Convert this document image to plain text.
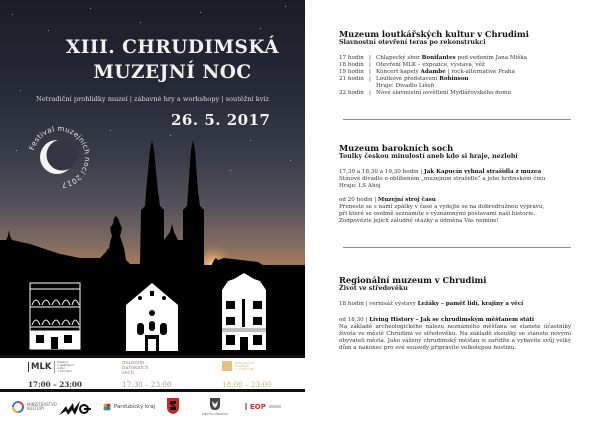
XIII. CHRUDIMSKÁ
MUZEJNÍ NOC
Netradiční prohlídky muzeí | zábavné hry a workshopy | soutěžní kvíz
26. 5. 2017
Festival muzejních nocí 2017
MLK	Muzeum
loutkářských
kultur
v Chrudimi
17:00 – 23:00
muzeum
barokních
soch
17:30 – 23:00
REGIONÁLNÍ
MUZEUM
V CHRUDIMI
18:00 – 23:00
MINISTERSTVO
KULTURY	Pardubický kraj
MĚSTO CHRUDIM
EOP
Muzeum loutkářských kultur v Chrudimi
Slavnostní otevření teras po rekonstrukci
17 hodin | Chlapecký sbor Bonifantes pod vedením Jana Miška
18 hodin | Otevření MLK – expozice, výstava, věž
19 hodin | Koncert kapely Adambe | rock-alternative Praha
21 hodin | Loutkové představení Robinson
Hraje: Divadlo Líšeň
22 hodin | Nové slavnostní osvětlení Mydlářovského domu
Muzeum barokních soch
Toulky českou minulostí aneb kdo si hraje, nezlobí
17,30 a 18,30 a 19,30 hodin | Jak Kapucín vyhnal strašidla z muzea
Stínové divadlo o oblíbeném „muzejním strašidle“ a jeho hrdinském činu
Hraje: LS Ahoj
od 20 hodin | Muzejní stroj času
Přeneste se s námi zpátky v čase a vydejte se na dobrodružnou výpravu,
při které se osobně seznámíte s významnými postavami naší historie.
Zodpovězte jejich záludné otázky a odměna Vás nemine!
Regionální muzeum v Chrudimi
Život ve středověku
18 hodin | vernisáž výstavy Ležáky – paměť lidí, krajiny a věcí
od 18,30 | Living History – Jak se chrudimským měšťanem státi
Na základě archeologického nálezu neznámého měšťana se stanete účastníky života ve městě Chrudimi ve středověku. Na základě zkoušky se stanete novými obyvateli města. Jako vážený chrudimský měšťan si zařídíte a vybavíte svůj velký dům a nakonec pro své sousedy připravíte velkolepou hostinu.
